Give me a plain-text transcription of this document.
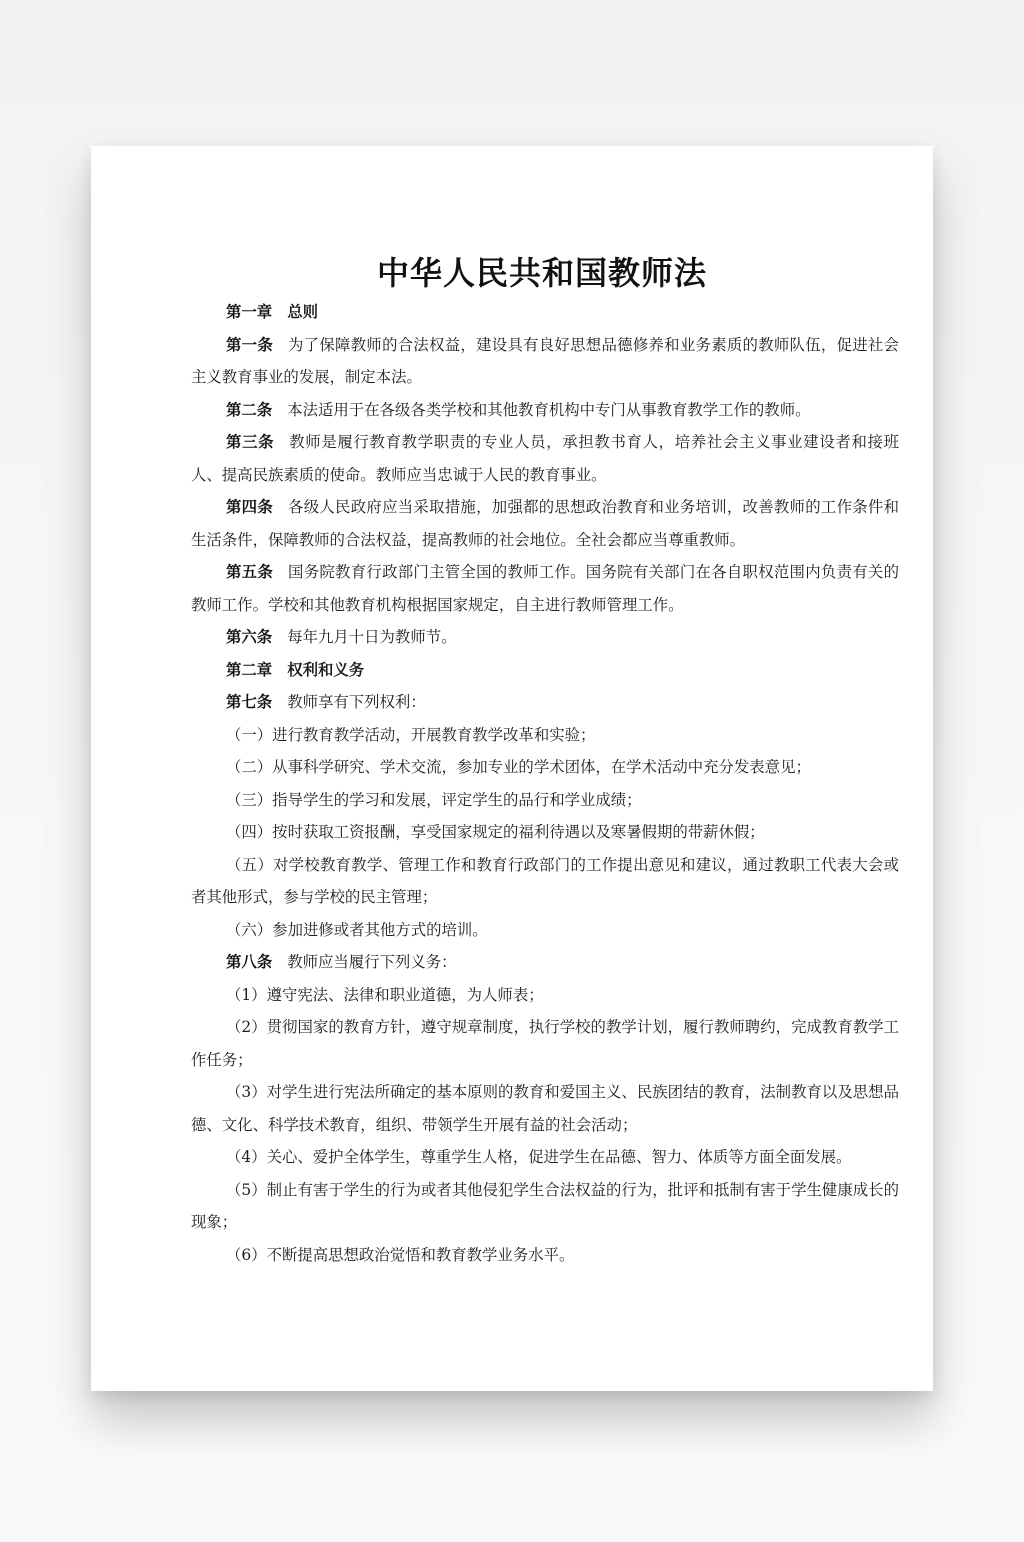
中华人民共和国教师法

第一章 总则

第一条 为了保障教师的合法权益，建设具有良好思想品德修养和业务素质的教师队伍，促进社会主义教育事业的发展，制定本法。

第二条 本法适用于在各级各类学校和其他教育机构中专门从事教育教学工作的教师。

第三条 教师是履行教育教学职责的专业人员，承担教书育人，培养社会主义事业建设者和接班人、提高民族素质的使命。教师应当忠诚于人民的教育事业。

第四条 各级人民政府应当采取措施，加强都的思想政治教育和业务培训，改善教师的工作条件和生活条件，保障教师的合法权益，提高教师的社会地位。全社会都应当尊重教师。

第五条 国务院教育行政部门主管全国的教师工作。国务院有关部门在各自职权范围内负责有关的教师工作。学校和其他教育机构根据国家规定，自主进行教师管理工作。

第六条 每年九月十日为教师节。

第二章 权利和义务

第七条 教师享有下列权利：

（一）进行教育教学活动，开展教育教学改革和实验；

（二）从事科学研究、学术交流，参加专业的学术团体，在学术活动中充分发表意见；

（三）指导学生的学习和发展，评定学生的品行和学业成绩；

（四）按时获取工资报酬，享受国家规定的福利待遇以及寒暑假期的带薪休假；

（五）对学校教育教学、管理工作和教育行政部门的工作提出意见和建议，通过教职工代表大会或者其他形式，参与学校的民主管理；

（六）参加进修或者其他方式的培训。

第八条 教师应当履行下列义务：

（1）遵守宪法、法律和职业道德，为人师表；

（2）贯彻国家的教育方针，遵守规章制度，执行学校的教学计划，履行教师聘约，完成教育教学工作任务；

（3）对学生进行宪法所确定的基本原则的教育和爱国主义、民族团结的教育，法制教育以及思想品德、文化、科学技术教育，组织、带领学生开展有益的社会活动；

（4）关心、爱护全体学生，尊重学生人格，促进学生在品德、智力、体质等方面全面发展。

（5）制止有害于学生的行为或者其他侵犯学生合法权益的行为，批评和抵制有害于学生健康成长的现象；

（6）不断提高思想政治觉悟和教育教学业务水平。
